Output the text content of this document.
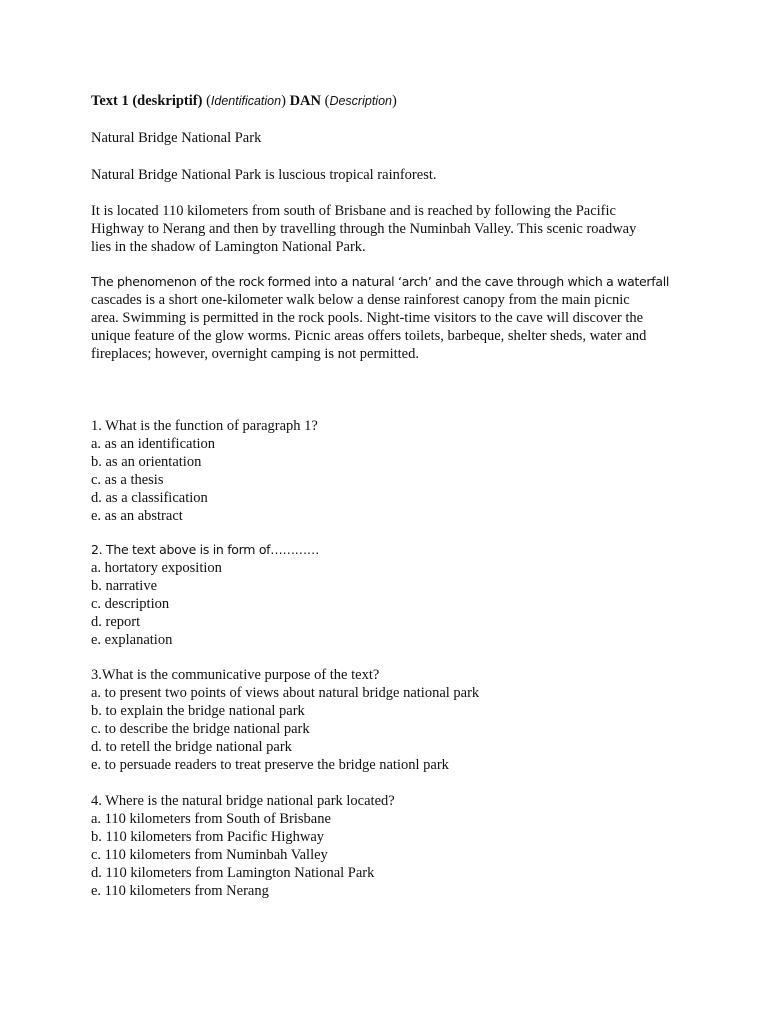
Text 1 (deskriptif) (Identification) DAN (Description)

Natural Bridge National Park

Natural Bridge National Park is luscious tropical rainforest.

It is located 110 kilometers from south of Brisbane and is reached by following the Pacific
Highway to Nerang and then by travelling through the Numinbah Valley. This scenic roadway
lies in the shadow of Lamington National Park.
The phenomenon of the rock formed into a natural ‘arch’ and the cave through which a waterfall
cascades is a short one-kilometer walk below a dense rainforest canopy from the main picnic
area. Swimming is permitted in the rock pools. Night-time visitors to the cave will discover the
unique feature of the glow worms. Picnic areas offers toilets, barbeque, shelter sheds, water and
fireplaces; however, overnight camping is not permitted.
1. What is the function of paragraph 1?
a. as an identification
b. as an orientation
c. as a thesis
d. as a classification
e. as an abstract
2. The text above is in form of…………
a. hortatory exposition
b. narrative
c. description
d. report
e. explanation
3.What is the communicative purpose of the text?
a. to present two points of views about natural bridge national park
b. to explain the bridge national park
c. to describe the bridge national park
d. to retell the bridge national park
e. to persuade readers to treat preserve the bridge nationl park
4. Where is the natural bridge national park located?
a. 110 kilometers from South of Brisbane
b. 110 kilometers from Pacific Highway
c. 110 kilometers from Numinbah Valley
d. 110 kilometers from Lamington National Park
e. 110 kilometers from Nerang
